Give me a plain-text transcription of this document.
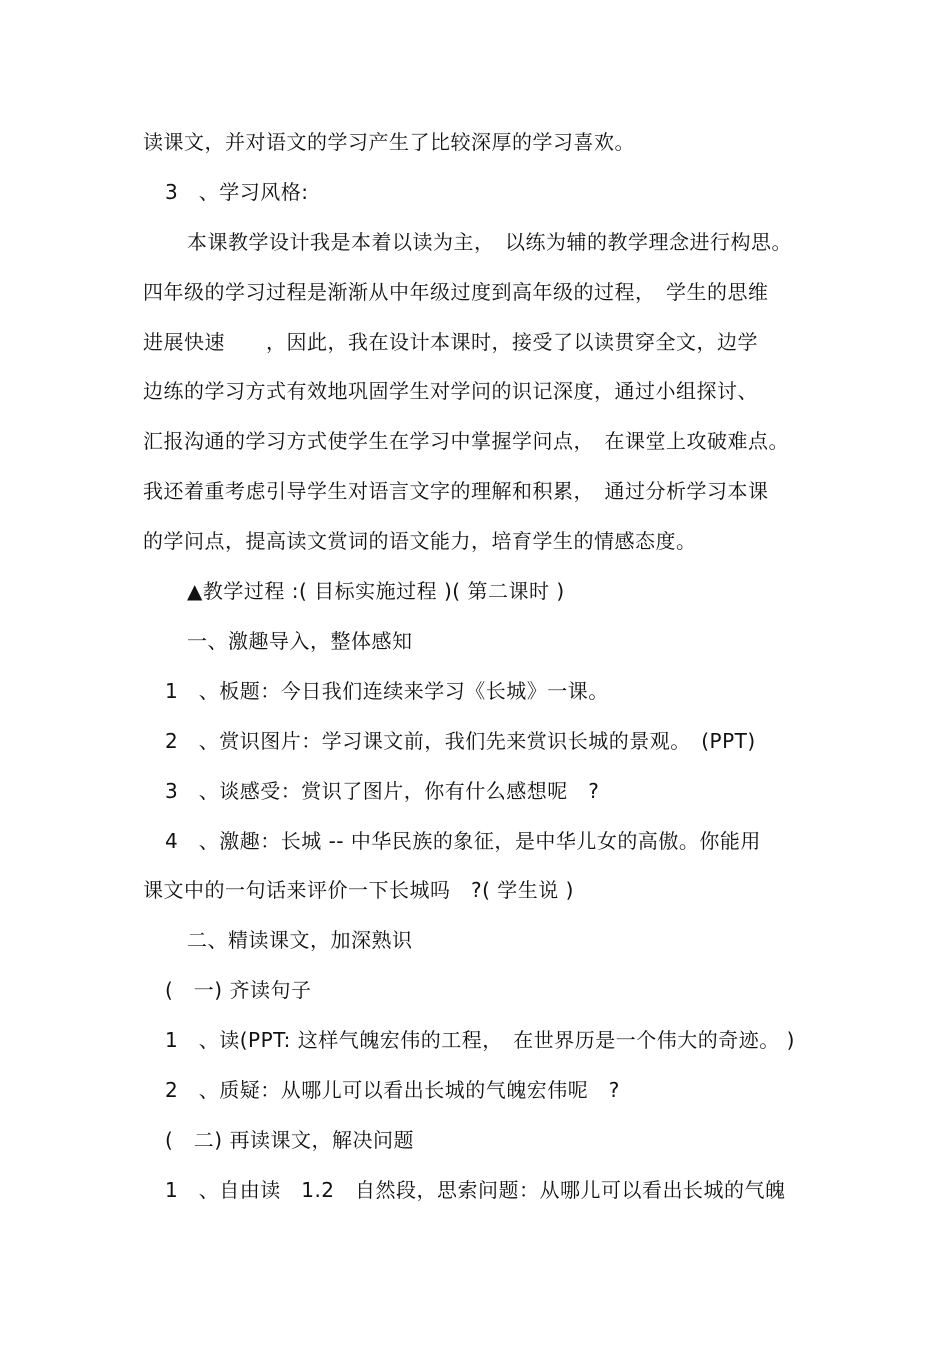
读课文，并对语文的学习产生了比较深厚的学习喜欢。
3　、学习风格:
本课教学设计我是本着以读为主，　以练为辅的教学理念进行构思。
四年级的学习过程是渐渐从中年级过度到高年级的过程，　学生的思维
进展快速　　，因此，我在设计本课时，接受了以读贯穿全文，边学
边练的学习方式有效地巩固学生对学问的识记深度，通过小组探讨、
汇报沟通的学习方式使学生在学习中掌握学问点，　在课堂上攻破难点。
我还着重考虑引导学生对语言文字的理解和积累，　通过分析学习本课
的学问点，提高读文赏词的语文能力，培育学生的情感态度。
▲教学过程 :( 目标实施过程 )( 第二课时 )
一、激趣导入，整体感知
1　、板题：今日我们连续来学习《长城》一课。
2　、赏识图片：学习课文前，我们先来赏识长城的景观。　(PPT)
3　、谈感受：赏识了图片，你有什么感想呢　?
4　、激趣：长城 -- 中华民族的象征，是中华儿女的高傲。你能用
课文中的一句话来评价一下长城吗　?( 学生说 )
二、精读课文，加深熟识
(　一) 齐读句子
1　、读(PPT: 这样气魄宏伟的工程，　在世界历是一个伟大的奇迹。 )
2　、质疑：从哪儿可以看出长城的气魄宏伟呢　?
(　二) 再读课文，解决问题
1　、自由读　1.2　自然段，思索问题：从哪儿可以看出长城的气魄
